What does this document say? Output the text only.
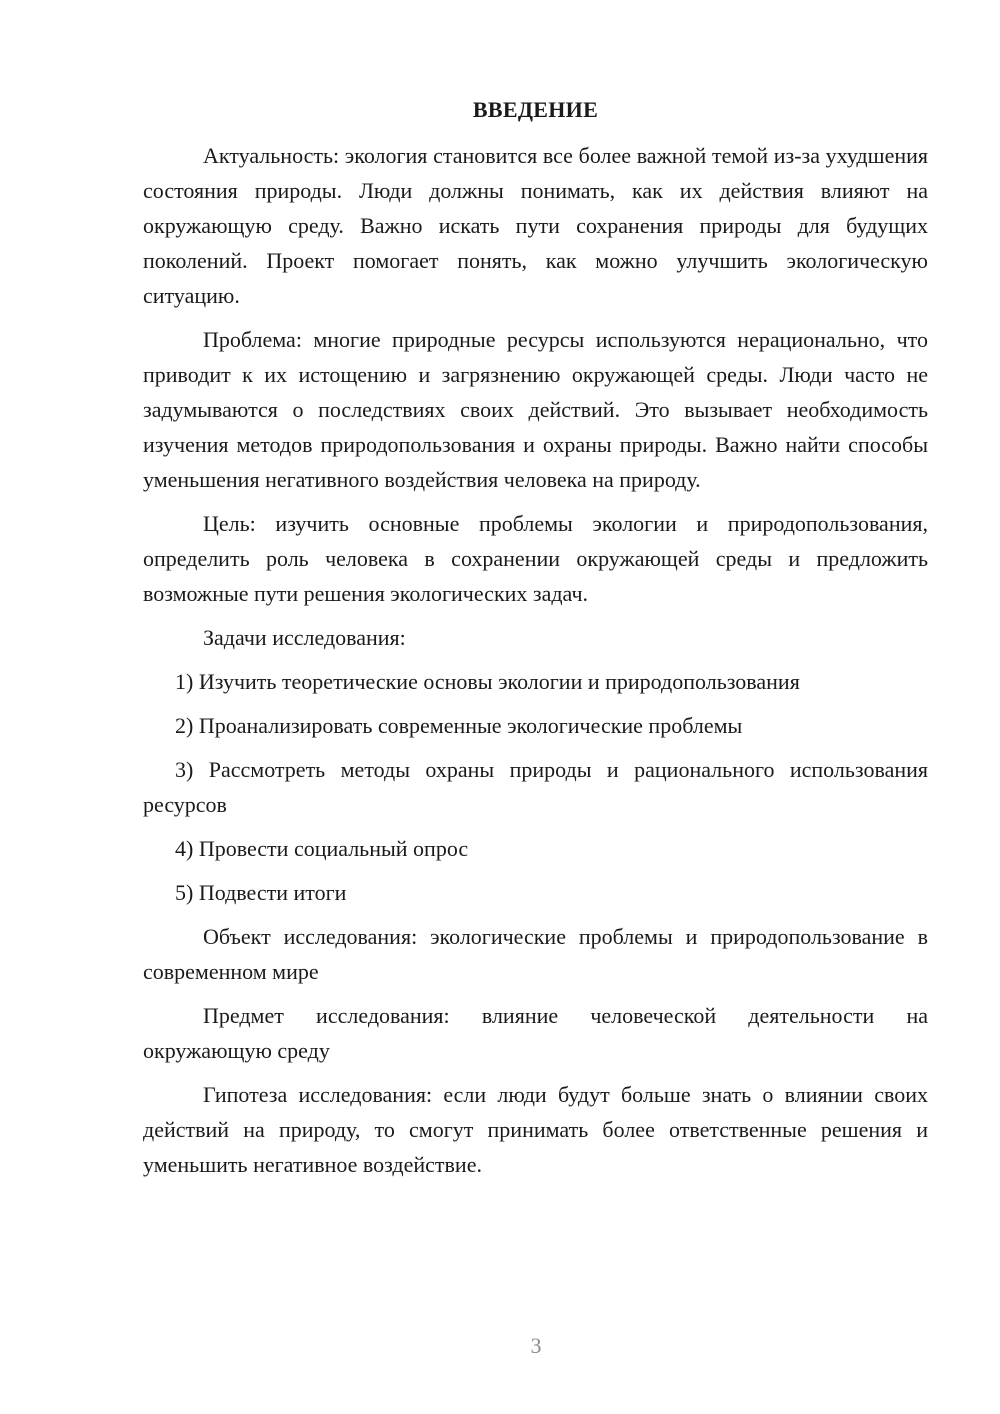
ВВЕДЕНИЕ

Актуальность: экология становится все более важной темой из-за ухудшения состояния природы. Люди должны понимать, как их действия влияют на окружающую среду. Важно искать пути сохранения природы для будущих поколений. Проект помогает понять, как можно улучшить экологическую ситуацию.

Проблема: многие природные ресурсы используются нерационально, что приводит к их истощению и загрязнению окружающей среды. Люди часто не задумываются о последствиях своих действий. Это вызывает необходимость изучения методов природопользования и охраны природы. Важно найти способы уменьшения негативного воздействия человека на природу.

Цель: изучить основные проблемы экологии и природопользования, определить роль человека в сохранении окружающей среды и предложить возможные пути решения экологических задач.

Задачи исследования:

1) Изучить теоретические основы экологии и природопользования

2) Проанализировать современные экологические проблемы

3) Рассмотреть методы охраны природы и рационального использования ресурсов

4) Провести социальный опрос

5) Подвести итоги

Объект исследования: экологические проблемы и природопользование в современном мире

Предмет исследования: влияние человеческой деятельности на окружающую среду

Гипотеза исследования: если люди будут больше знать о влиянии своих действий на природу, то смогут принимать более ответственные решения и уменьшить негативное воздействие.

3
